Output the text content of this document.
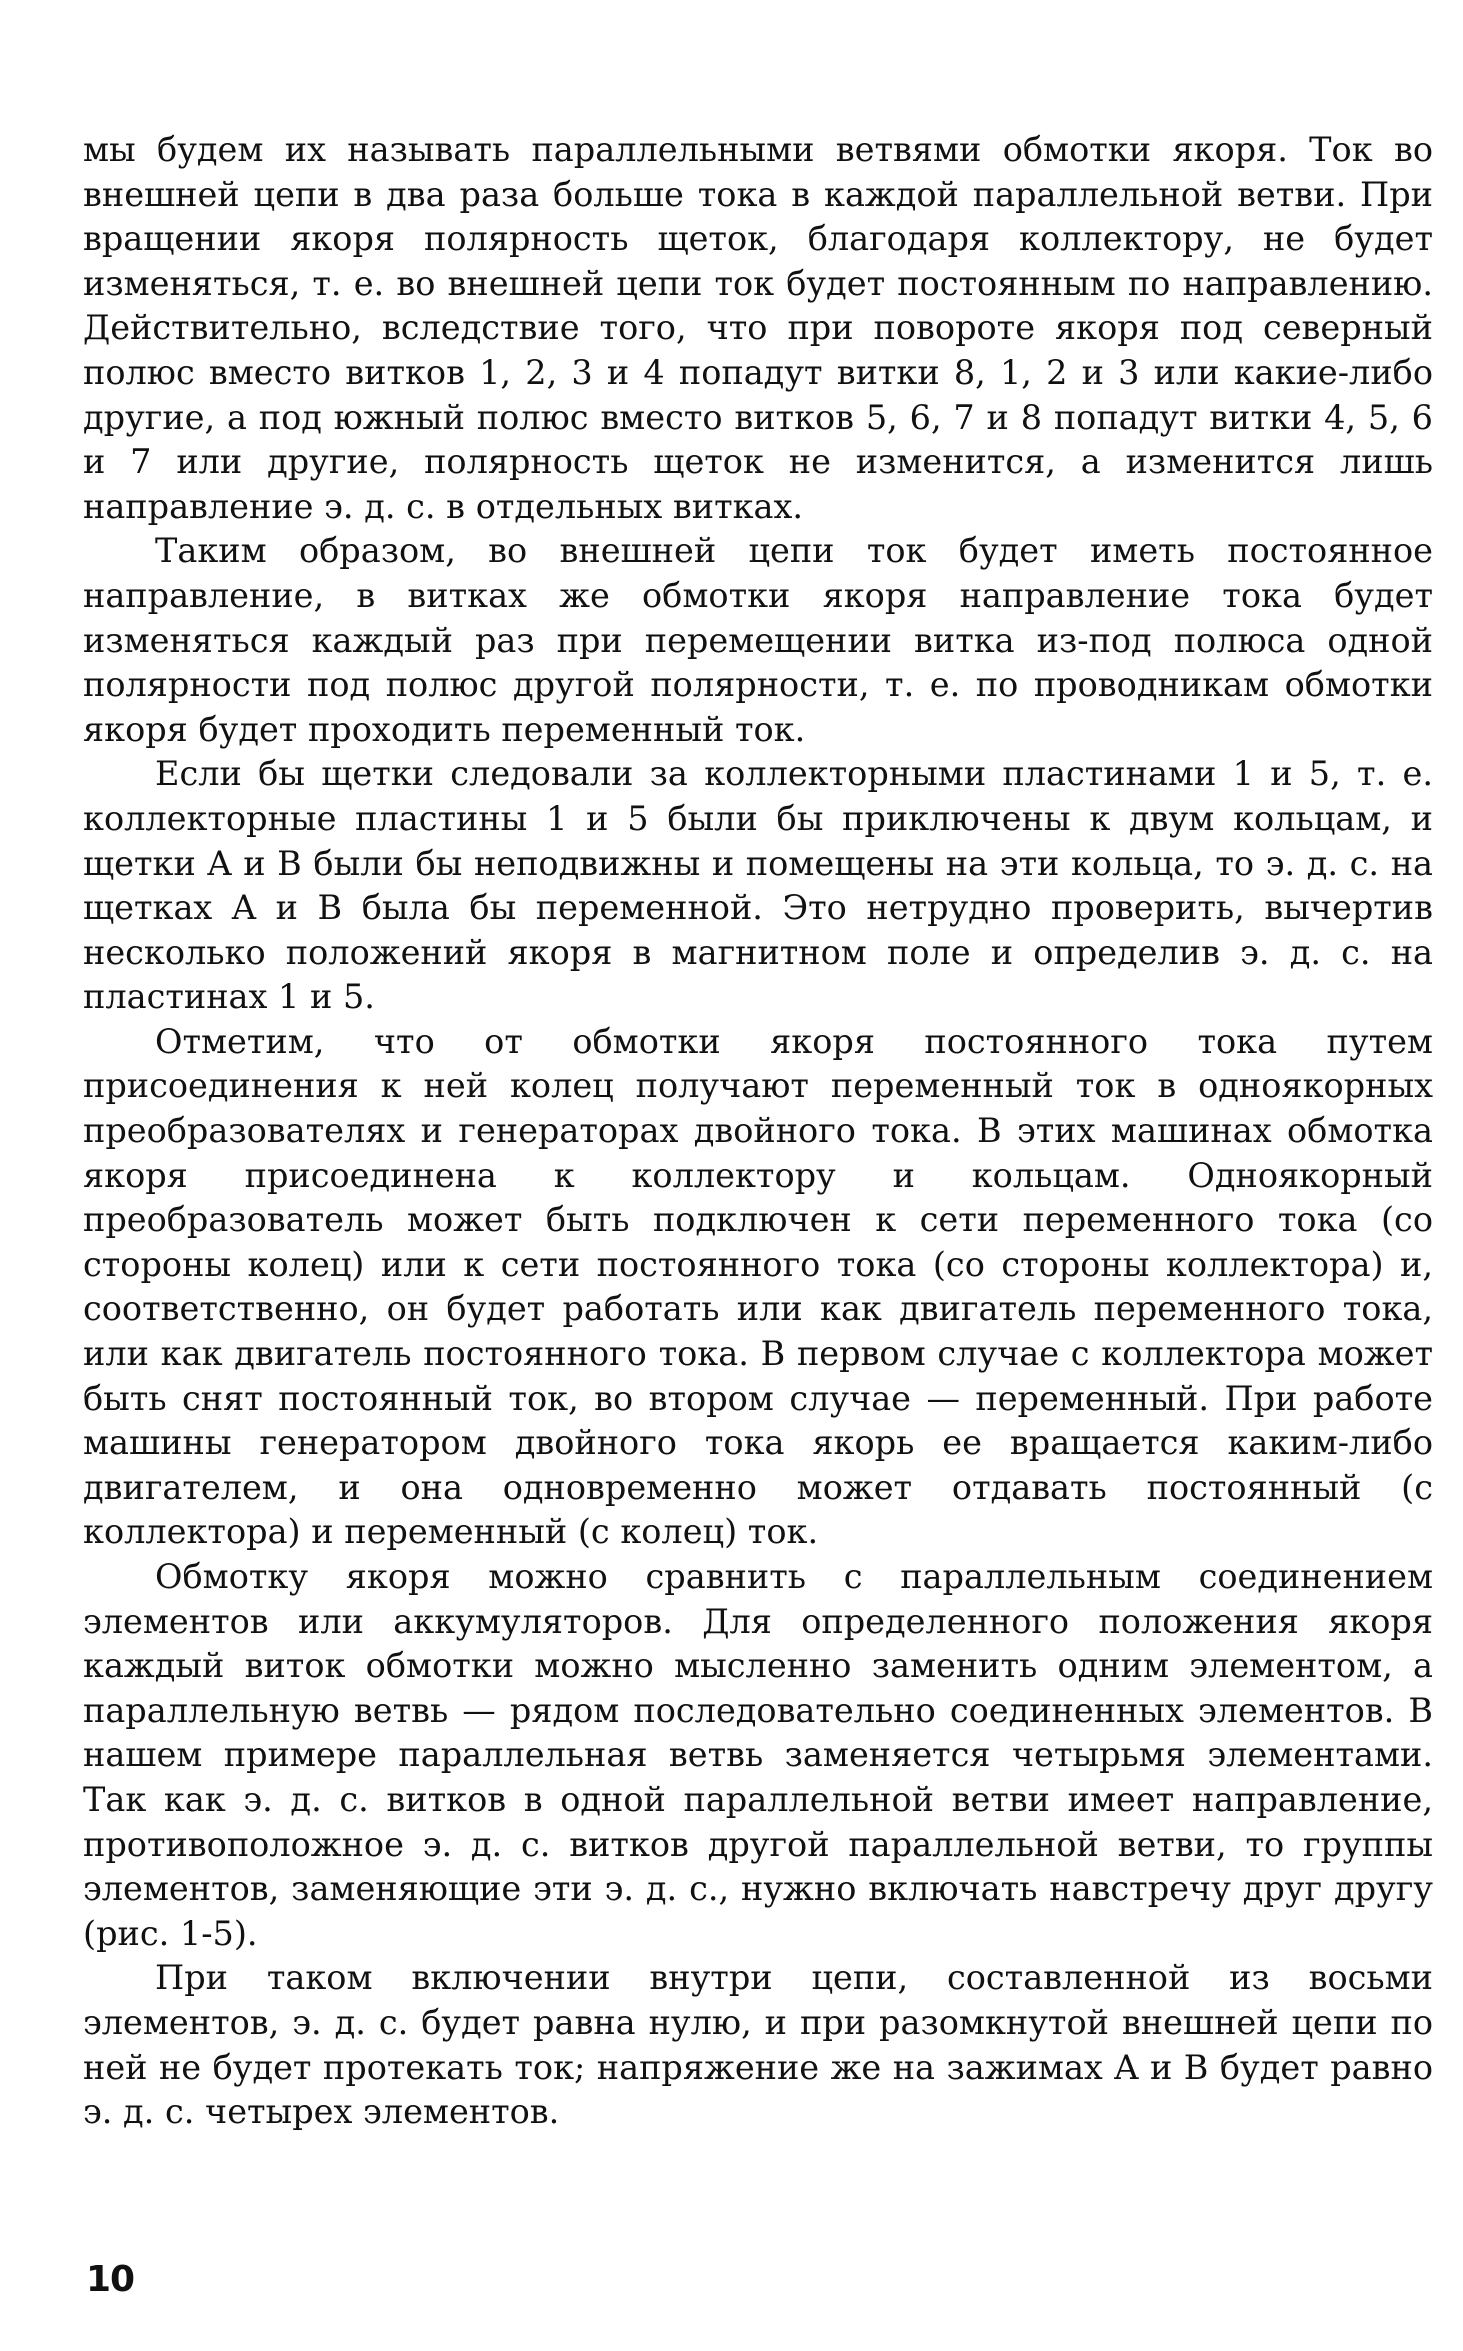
мы будем их называть параллельными ветвями обмотки якоря. Ток во внешней цепи в два раза больше тока в каждой параллельной ветви. При вращении якоря полярность щеток, благодаря коллектору, не будет изменяться, т. е. во внешней цепи ток будет постоянным по направлению. Действительно, вследствие того, что при повороте якоря под северный полюс вместо витков 1, 2, 3 и 4 попадут витки 8, 1, 2 и 3 или какие-либо другие, а под южный полюс вместо витков 5, 6, 7 и 8 попадут витки 4, 5, 6 и 7 или другие, полярность щеток не изменится, а изменится лишь направление э. д. с. в отдельных витках.

Таким образом, во внешней цепи ток будет иметь постоянное направление, в витках же обмотки якоря направление тока будет изменяться каждый раз при перемещении витка из-под полюса одной полярности под полюс другой полярности, т. е. по проводникам обмотки якоря будет проходить переменный ток.

Если бы щетки следовали за коллекторными пластинами 1 и 5, т. е. коллекторные пластины 1 и 5 были бы приключены к двум кольцам, и щетки A и B были бы неподвижны и помещены на эти кольца, то э. д. с. на щетках A и B была бы переменной. Это нетрудно проверить, вычертив несколько положений якоря в магнитном поле и определив э. д. с. на пластинах 1 и 5.

Отметим, что от обмотки якоря постоянного тока путем присоединения к ней колец получают переменный ток в одноякорных преобразователях и генераторах двойного тока. В этих машинах обмотка якоря присоединена к коллектору и кольцам. Одноякорный преобразователь может быть подключен к сети переменного тока (со стороны колец) или к сети постоянного тока (со стороны коллектора) и, соответственно, он будет работать или как двигатель переменного тока, или как двигатель постоянного тока. В первом случае с коллектора может быть снят постоянный ток, во втором случае — переменный. При работе машины генератором двойного тока якорь ее вращается каким-либо двигателем, и она одновременно может отдавать постоянный (с коллектора) и переменный (с колец) ток.

Обмотку якоря можно сравнить с параллельным соединением элементов или аккумуляторов. Для определенного положения якоря каждый виток обмотки можно мысленно заменить одним элементом, а параллельную ветвь — рядом последовательно соединенных элементов. В нашем примере параллельная ветвь заменяется четырьмя элементами. Так как э. д. с. витков в одной параллельной ветви имеет направление, противоположное э. д. с. витков другой параллельной ветви, то группы элементов, заменяющие эти э. д. с., нужно включать навстречу друг другу (рис. 1-5).

При таком включении внутри цепи, составленной из восьми элементов, э. д. с. будет равна нулю, и при разомкнутой внешней цепи по ней не будет протекать ток; напряжение же на зажимах A и B будет равно э. д. с. четырех элементов.

10
